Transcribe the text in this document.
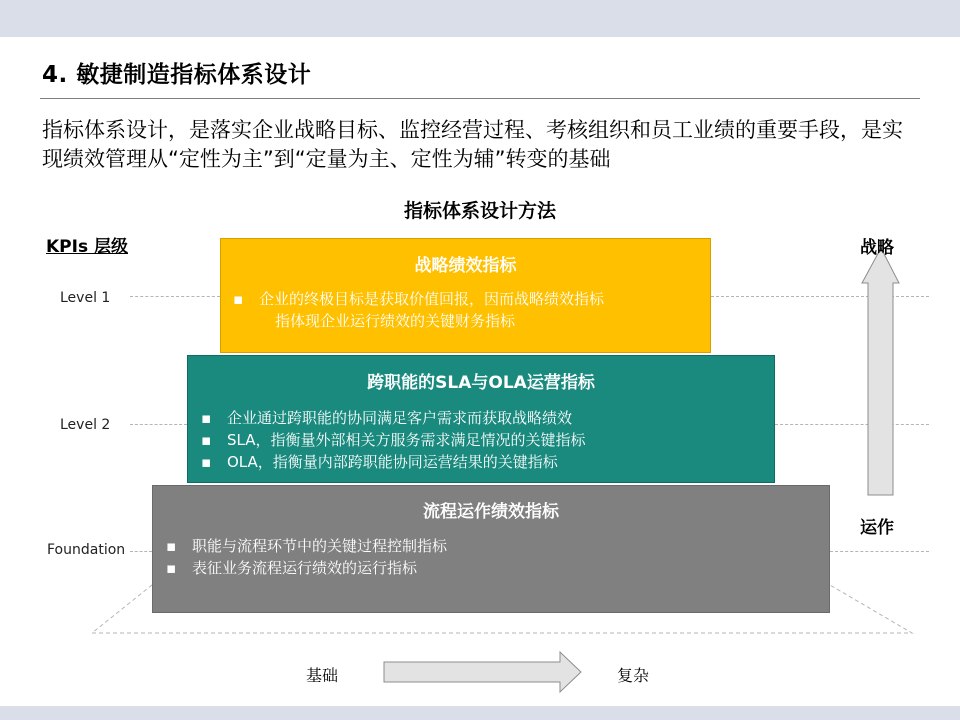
4. 敏捷制造指标体系设计
指标体系设计，是落实企业战略目标、监控经营过程、考核组织和员工业绩的重要手段，是实现绩效管理从“定性为主”到“定量为主、定性为辅”转变的基础
指标体系设计方法
KPIs 层级
Level 1
Level 2
Foundation
战略绩效指标
▪ 企业的终极目标是获取价值回报，因而战略绩效指标
指体现企业运行绩效的关键财务指标
跨职能的SLA与OLA运营指标
▪ 企业通过跨职能的协同满足客户需求而获取战略绩效
▪ SLA，指衡量外部相关方服务需求满足情况的关键指标
▪ OLA，指衡量内部跨职能协同运营结果的关键指标
流程运作绩效指标
▪ 职能与流程环节中的关键过程控制指标
▪ 表征业务流程运行绩效的运行指标
战略
运作
基础	复杂
